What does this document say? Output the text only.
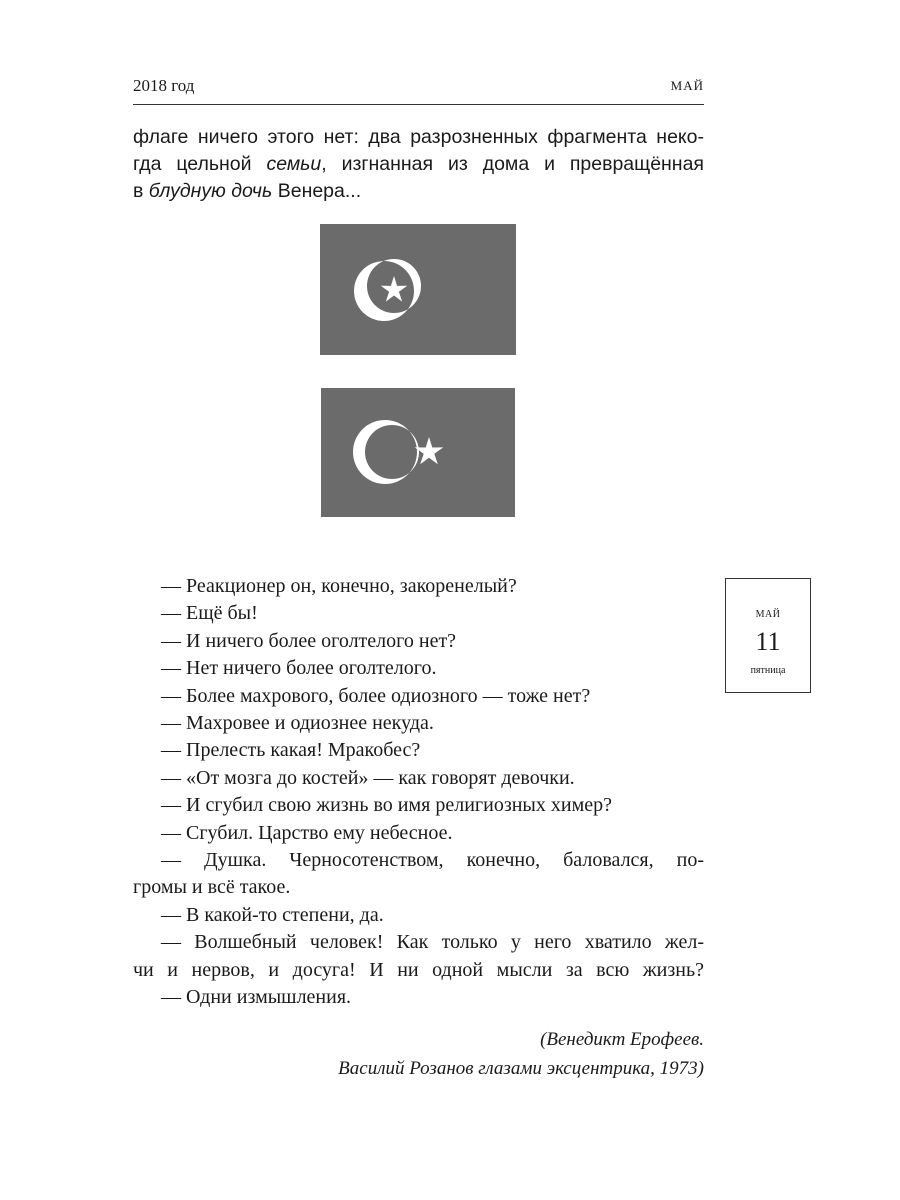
2018 год	МАЙ
флаге ничего этого нет: два разрозненных фрагмента неко-
гда цельной семьи, изгнанная из дома и превращённая
в блудную дочь Венера...
МАЙ
11
пятница
— Реакционер он, конечно, закоренелый?
— Ещё бы!
— И ничего более оголтелого нет?
— Нет ничего более оголтелого.
— Более махрового, более одиозного — тоже нет?
— Махровее и одиознее некуда.
— Прелесть какая! Мракобес?
— «От мозга до костей» — как говорят девочки.
— И сгубил свою жизнь во имя религиозных химер?
— Сгубил. Царство ему небесное.
— Душка. Черносотенством, конечно, баловался, по-
громы и всё такое.
— В какой-то степени, да.
— Волшебный человек! Как только у него хватило жел-
чи и нервов, и досуга! И ни одной мысли за всю жизнь?
— Одни измышления.
(Венедикт Ерофеев.
Василий Розанов глазами эксцентрика, 1973)
